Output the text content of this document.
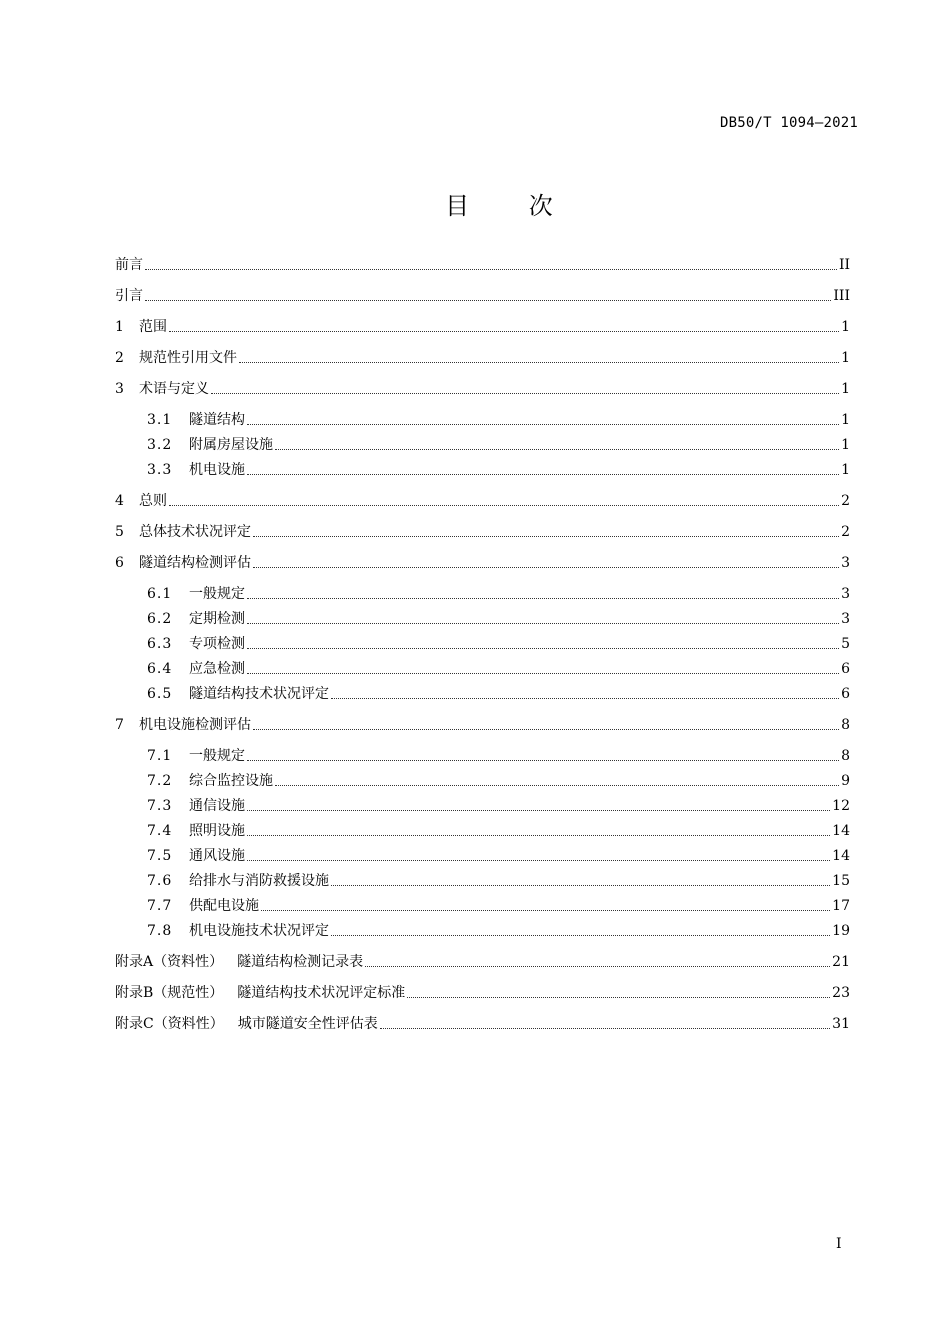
DB50/T 1094—2021
目 次
前言	II
引言	III
1	范围	1
2	规范性引用文件	1
3	术语与定义	1
3.1	隧道结构	1
3.2	附属房屋设施	1
3.3	机电设施	1
4	总则	2
5	总体技术状况评定	2
6	隧道结构检测评估	3
6.1	一般规定	3
6.2	定期检测	3
6.3	专项检测	5
6.4	应急检测	6
6.5	隧道结构技术状况评定	6
7	机电设施检测评估	8
7.1	一般规定	8
7.2	综合监控设施	9
7.3	通信设施	12
7.4	照明设施	14
7.5	通风设施	14
7.6	给排水与消防救援设施	15
7.7	供配电设施	17
7.8	机电设施技术状况评定	19
附录A（资料性） 隧道结构检测记录表	21
附录B（规范性） 隧道结构技术状况评定标准	23
附录C（资料性） 城市隧道安全性评估表	31
I
